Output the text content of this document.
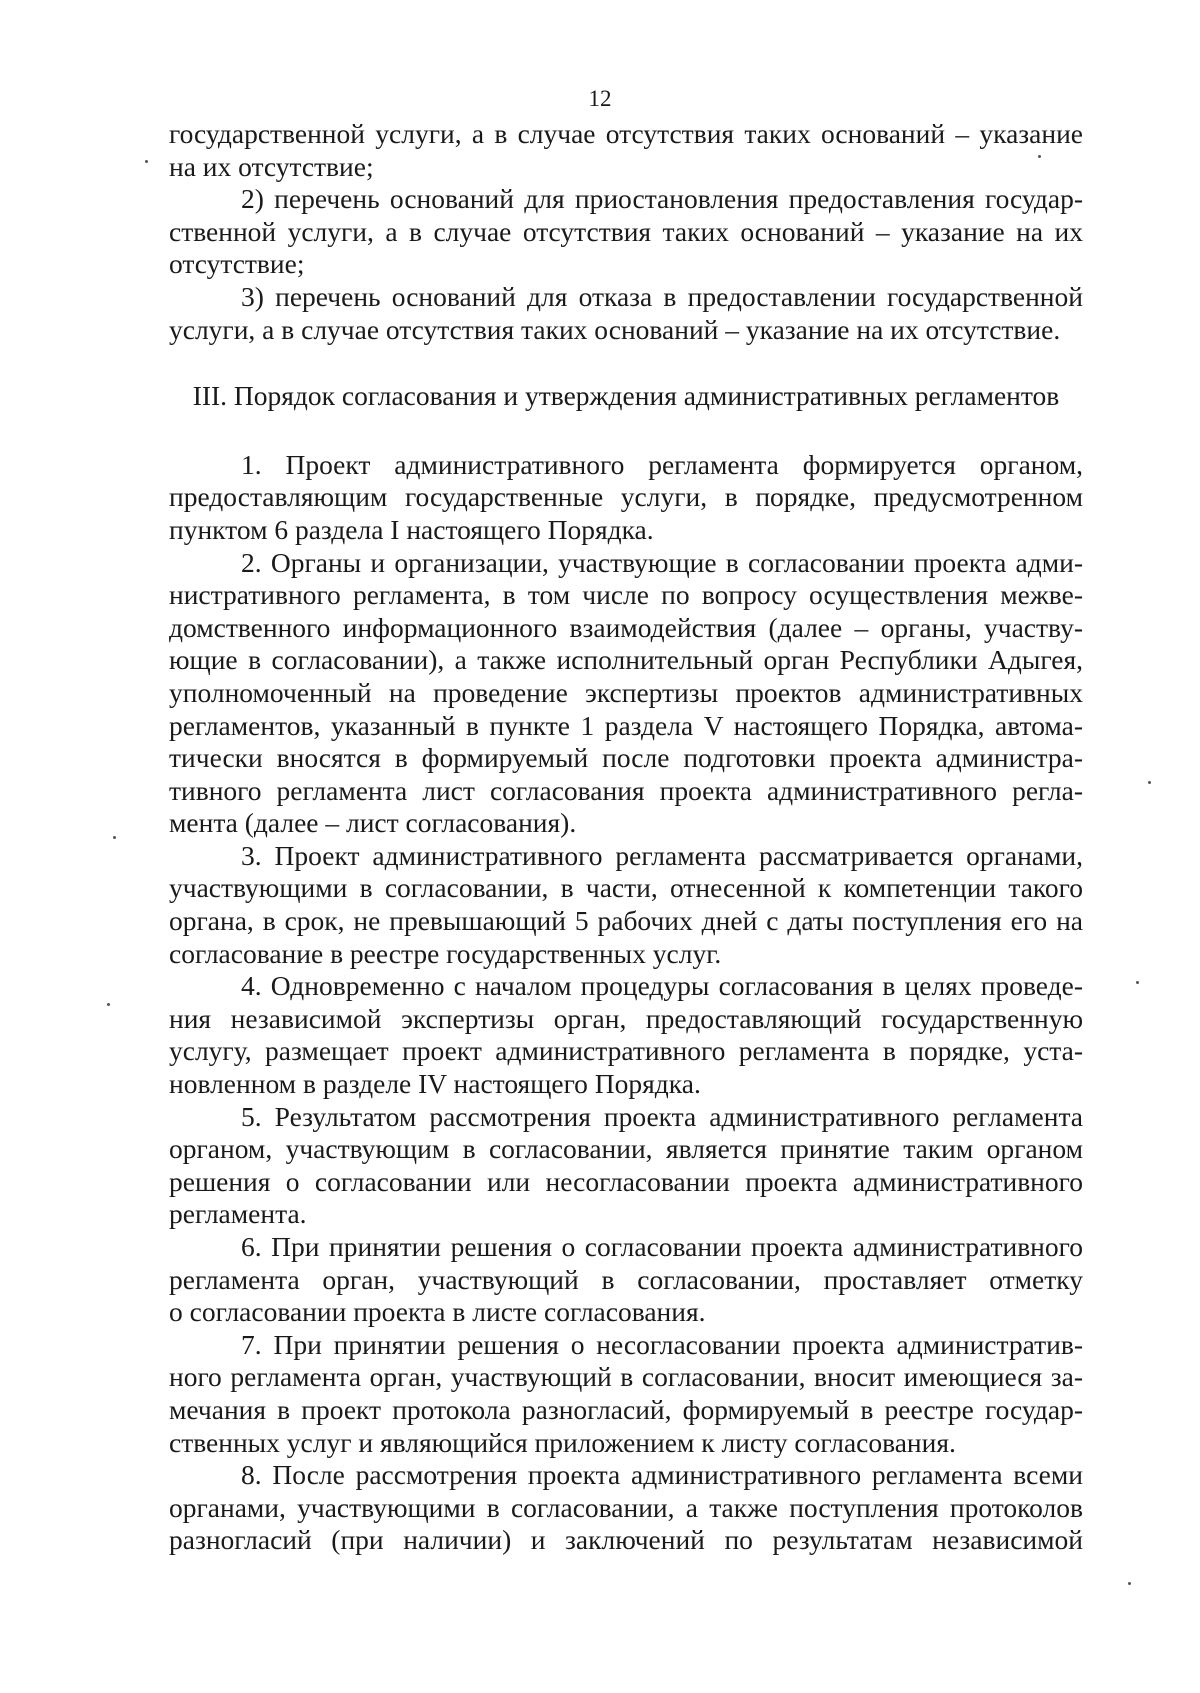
12
государственной услуги, а в случае отсутствия таких оснований – указание
на их отсутствие;
2) перечень оснований для приостановления предоставления государ-
ственной услуги, а в случае отсутствия таких оснований – указание на их
отсутствие;
3) перечень оснований для отказа в предоставлении государственной
услуги, а в случае отсутствия таких оснований – указание на их отсутствие.
III. Порядок согласования и утверждения административных регламентов
1. Проект административного регламента формируется органом,
предоставляющим государственные услуги, в порядке, предусмотренном
пунктом 6 раздела I настоящего Порядка.
2. Органы и организации, участвующие в согласовании проекта адми-
нистративного регламента, в том числе по вопросу осуществления межве-
домственного информационного взаимодействия (далее – органы, участву-
ющие в согласовании), а также исполнительный орган Республики Адыгея,
уполномоченный на проведение экспертизы проектов административных
регламентов, указанный в пункте 1 раздела V настоящего Порядка, автома-
тически вносятся в формируемый после подготовки проекта администра-
тивного регламента лист согласования проекта административного регла-
мента (далее – лист согласования).
3. Проект административного регламента рассматривается органами,
участвующими в согласовании, в части, отнесенной к компетенции такого
органа, в срок, не превышающий 5 рабочих дней с даты поступления его на
согласование в реестре государственных услуг.
4. Одновременно с началом процедуры согласования в целях проведе-
ния независимой экспертизы орган, предоставляющий государственную
услугу, размещает проект административного регламента в порядке, уста-
новленном в разделе IV настоящего Порядка.
5. Результатом рассмотрения проекта административного регламента
органом, участвующим в согласовании, является принятие таким органом
решения о согласовании или несогласовании проекта административного
регламента.
6. При принятии решения о согласовании проекта административного
регламента орган, участвующий в согласовании, проставляет отметку
о согласовании проекта в листе согласования.
7. При принятии решения о несогласовании проекта административ-
ного регламента орган, участвующий в согласовании, вносит имеющиеся за-
мечания в проект протокола разногласий, формируемый в реестре государ-
ственных услуг и являющийся приложением к листу согласования.
8. После рассмотрения проекта административного регламента всеми
органами, участвующими в согласовании, а также поступления протоколов
разногласий (при наличии) и заключений по результатам независимой
